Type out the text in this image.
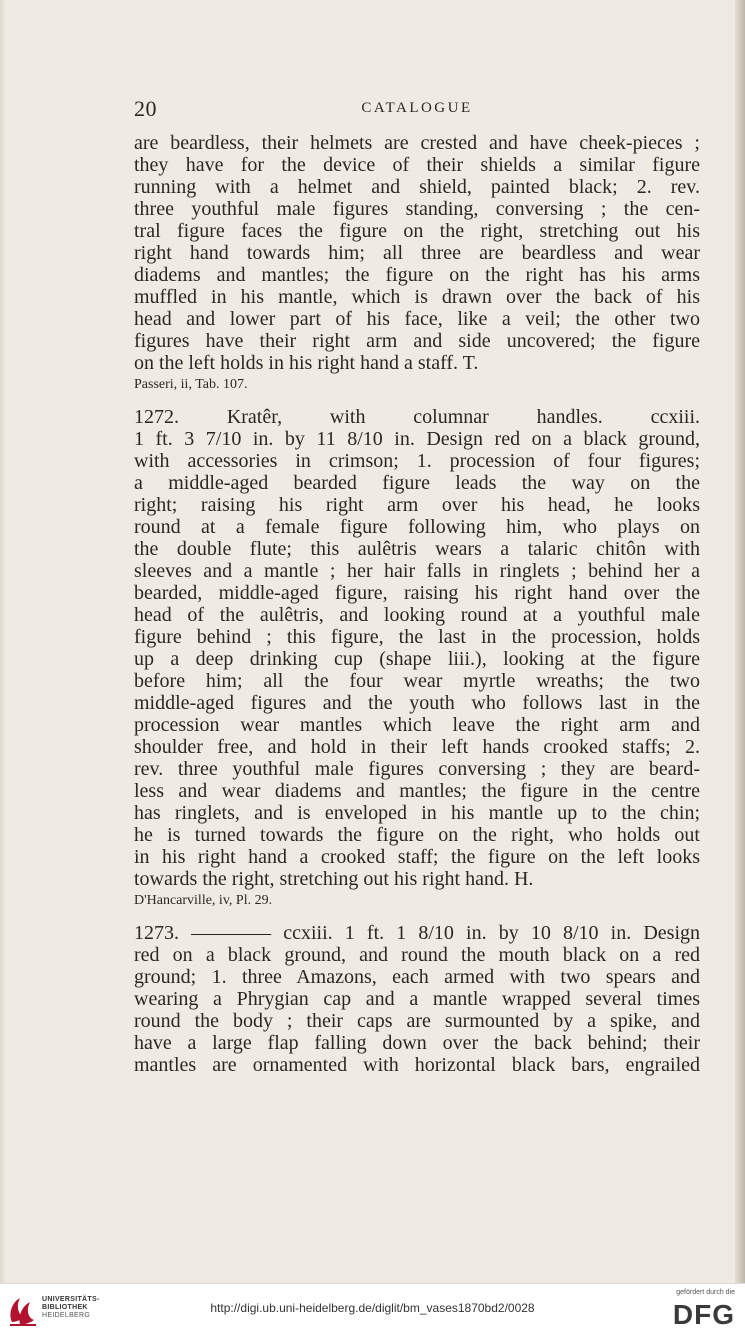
20	CATALOGUE
are beardless, their helmets are crested and have cheek-pieces ;
they have for the device of their shields a similar figure
running with a helmet and shield, painted black; 2. rev.
three youthful male figures standing, conversing ; the cen-
tral figure faces the figure on the right, stretching out his
right hand towards him; all three are beardless and wear
diadems and mantles; the figure on the right has his arms
muffled in his mantle, which is drawn over the back of his
head and lower part of his face, like a veil; the other two
figures have their right arm and side uncovered; the figure
on the left holds in his right hand a staff. T.
Passeri, ii, Tab. 107.
1272. Kratêr, with columnar handles. ccxiii.
1 ft. 3 7/10 in. by 11 8/10 in. Design red on a black ground,
with accessories in crimson; 1. procession of four figures;
a middle-aged bearded figure leads the way on the
right; raising his right arm over his head, he looks
round at a female figure following him, who plays on
the double flute; this aulêtris wears a talaric chitôn with
sleeves and a mantle ; her hair falls in ringlets ; behind her a
bearded, middle-aged figure, raising his right hand over the
head of the aulêtris, and looking round at a youthful male
figure behind ; this figure, the last in the procession, holds
up a deep drinking cup (shape liii.), looking at the figure
before him; all the four wear myrtle wreaths; the two
middle-aged figures and the youth who follows last in the
procession wear mantles which leave the right arm and
shoulder free, and hold in their left hands crooked staffs; 2.
rev. three youthful male figures conversing ; they are beard-
less and wear diadems and mantles; the figure in the centre
has ringlets, and is enveloped in his mantle up to the chin;
he is turned towards the figure on the right, who holds out
in his right hand a crooked staff; the figure on the left looks
towards the right, stretching out his right hand. H.
D'Hancarville, iv, Pl. 29.
1273. ———— ccxiii. 1 ft. 1 8/10 in. by 10 8/10 in. Design
red on a black ground, and round the mouth black on a red
ground; 1. three Amazons, each armed with two spears and
wearing a Phrygian cap and a mantle wrapped several times
round the body ; their caps are surmounted by a spike, and
have a large flap falling down over the back behind; their
mantles are ornamented with horizontal black bars, engrailed
UNIVERSITÄTS-
BIBLIOTHEK
HEIDELBERG
http://digi.ub.uni-heidelberg.de/diglit/bm_vases1870bd2/0028
gefördert durch die
DFG
